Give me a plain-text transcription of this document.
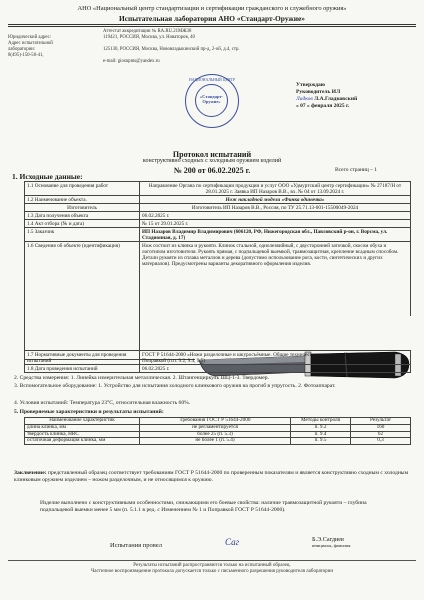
АНО «Национальный центр стандартизации и сертификации гражданского и служебного оружия»
Испытательная лаборатория АНО «Стандарт-Оружие»
Аттестат аккредитации № RA.RU.21МЖ38
Юридический адрес:	119421, РОССИЯ, Москва, ул. Новаторов, 40
Адрес испытательной
лаборатории:	125130, РОССИЯ, Москва, Нововладыкинский пр-д, 2-ой, д.4, стр. 8(495)-150-58-41,
e-mail: giosnpms@yandex.ru
НАЦИОНАЛЬНЫЙ ЦЕНТР
«Стандарт-Оружие»
Утверждаю
Руководитель ИЛ
Ладков Л.А.Гладковский
« 07 » февраля 2025 г.
Протокол испытаний
конструктивно сходных с холодным оружием изделий
№ 200 от 06.02.2025 г.	Всего страниц – 1
1. Исходные данные:
1.1 Основание для проведения работ	Направление Органа по сертификации продукции и услуг ООО «Удмуртский центр сертификации» № 27187/Н от 28.01.2025 г. Заявка ИП Назаров В.В., вх. № 04 от 13.09.2024 г.
1.2 Наименование объекта.	Нож накладной модели «Финка одиночка»
Изготовитель	Изготовитель ИП Назаров В.В., Россия, по ТУ 25.71.13-001-15500049-2024
1.3 Дата получения объекта	06.02.2025 г.
1.4 Акт отбора (№ и дата)	№ 15 от 29.01.2025 г.
1.5 Заказчик	ИП Назаров Владимир Владимирович (606120, РФ, Нижегородская обл., Павловский р-он, г. Ворсма, ул. Стадионная, д. 17)
1.6 Сведения об объекте (идентификация)	Нож состоит из клинка и рукояти. Клинок стальной, однолезвийный, с двусторонней заточкой, скосом обуха и логотипом изготовителя. Рукоять прямая, с подпальцевой выемкой, травмозащитная, крепление всадным способом. Детали рукояти из сплава металлов и дерева (допустимо использование рога, кости, синтетических и других материалов). Предусмотрены варианты декоративного оформления изделия.
1.7 Нормативные документы для проведения испытаний	ГОСТ Р 51644-2000 «Ножи разделочные и шкуросъёмные. Общие технические условия» с Изменением № 1 и Поправкой (п.п. 9.2, 9.4, 9.5)
1.8 Дата проведения испытаний	06.02.2025 г.
2. Средства измерения: 1. Линейка измерительная металлическая. 2. Штангенциркуль ШЦ-1-3. Твердомер.
3. Вспомогательное оборудование: 1. Устройство для испытания холодного клинкового оружия на прогиб в упругость. 2. Фотоаппарат.
4. Условия испытаний: Температура 23°С, относительная влажность 60%.
5. Проверяемые характеристики и результаты испытаний:
Наименование характеристик	Требования ГОСТ Р 51644-2000	Методы контроля	Результат
длина клинка, мм	не регламентируется	п. 9.2	160
твердость клинка, HRC	более 25 (п. 5.3)	п. 9.4	62
остаточная деформация клинка, мм	не более 1 (п. 5.4)	п. 9.5	0,3
Заключение: представленный образец соответствует требованиям ГОСТ Р 51644-2000 по проверенным показателям и является конструктивно сходным с холодным клинковым оружием изделием – ножом разделочным, и не относящимся к оружию.
Изделие выполнено с конструктивными особенностями, снижающими его боевые свойства: наличие травмозащитной рукояти – глубина подпальцевой выемки менее 5 мм (п. 5.1.1 в ред. с Изменением № 1 и Поправкой ГОСТ Р 51644-2000).
Испытания провел	Саг	Б.Э.Сагдиев
инициалы, фамилия
Результаты испытаний распространяются только на испытанный образец.
Частичное воспроизведение протокола допускается только с письменного разрешения руководителя лаборатории
